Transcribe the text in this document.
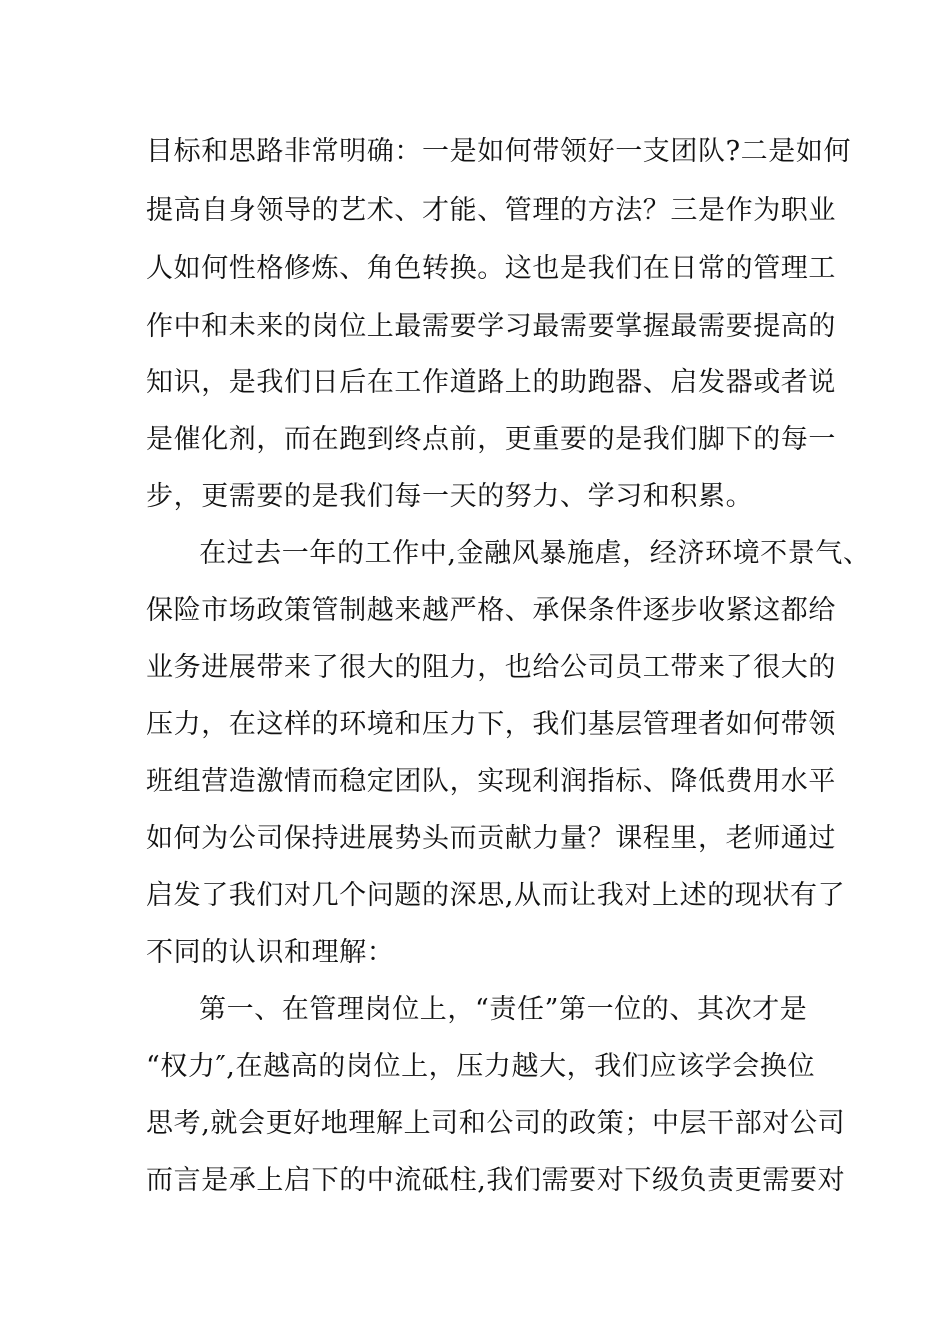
目标和思路非常明确：一是如何带领好一支团队?二是如何
提高自身领导的艺术、才能、管理的方法？三是作为职业
人如何性格修炼、角色转换。这也是我们在日常的管理工
作中和未来的岗位上最需要学习最需要掌握最需要提高的
知识，是我们日后在工作道路上的助跑器、启发器或者说
是催化剂，而在跑到终点前，更重要的是我们脚下的每一
步，更需要的是我们每一天的努力、学习和积累。
在过去一年的工作中,金融风暴施虐，经济环境不景气、
保险市场政策管制越来越严格、承保条件逐步收紧这都给
业务进展带来了很大的阻力，也给公司员工带来了很大的
压力，在这样的环境和压力下，我们基层管理者如何带领
班组营造激情而稳定团队，实现利润指标、降低费用水平
如何为公司保持进展势头而贡献力量？课程里，老师通过
启发了我们对几个问题的深思,从而让我对上述的现状有了
不同的认识和理解：
第一、在管理岗位上，“责任”第一位的、其次才是
“权力″,在越高的岗位上，压力越大，我们应该学会换位
思考,就会更好地理解上司和公司的政策；中层干部对公司
而言是承上启下的中流砥柱,我们需要对下级负责更需要对
